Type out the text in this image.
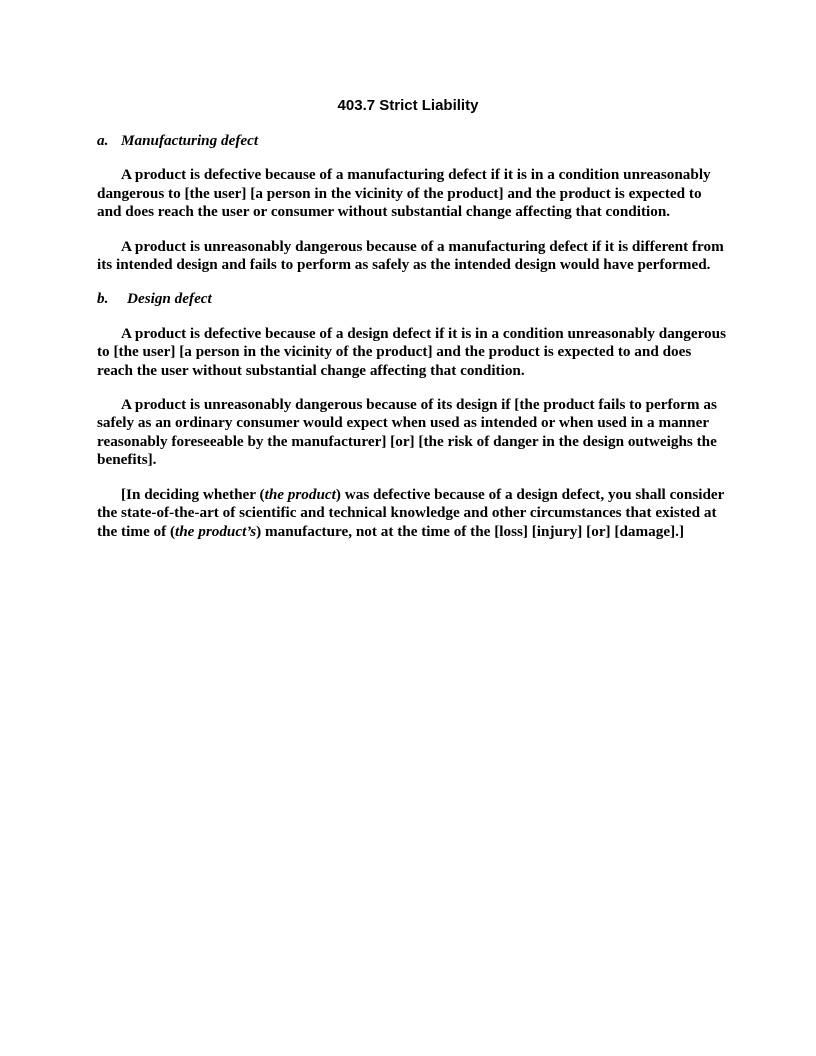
403.7 Strict Liability
a. Manufacturing defect

A product is defective because of a manufacturing defect if it is in a condition unreasonably dangerous to [the user] [a person in the vicinity of the product] and the product is expected to and does reach the user or consumer without substantial change affecting that condition.

A product is unreasonably dangerous because of a manufacturing defect if it is different from its intended design and fails to perform as safely as the intended design would have performed.

b. Design defect

A product is defective because of a design defect if it is in a condition unreasonably dangerous to [the user] [a person in the vicinity of the product] and the product is expected to and does reach the user without substantial change affecting that condition.

A product is unreasonably dangerous because of its design if [the product fails to perform as safely as an ordinary consumer would expect when used as intended or when used in a manner reasonably foreseeable by the manufacturer] [or] [the risk of danger in the design outweighs the benefits].

[In deciding whether (the product) was defective because of a design defect, you shall consider the state-of-the-art of scientific and technical knowledge and other circumstances that existed at the time of (the product’s) manufacture, not at the time of the [loss] [injury] [or] [damage].]
